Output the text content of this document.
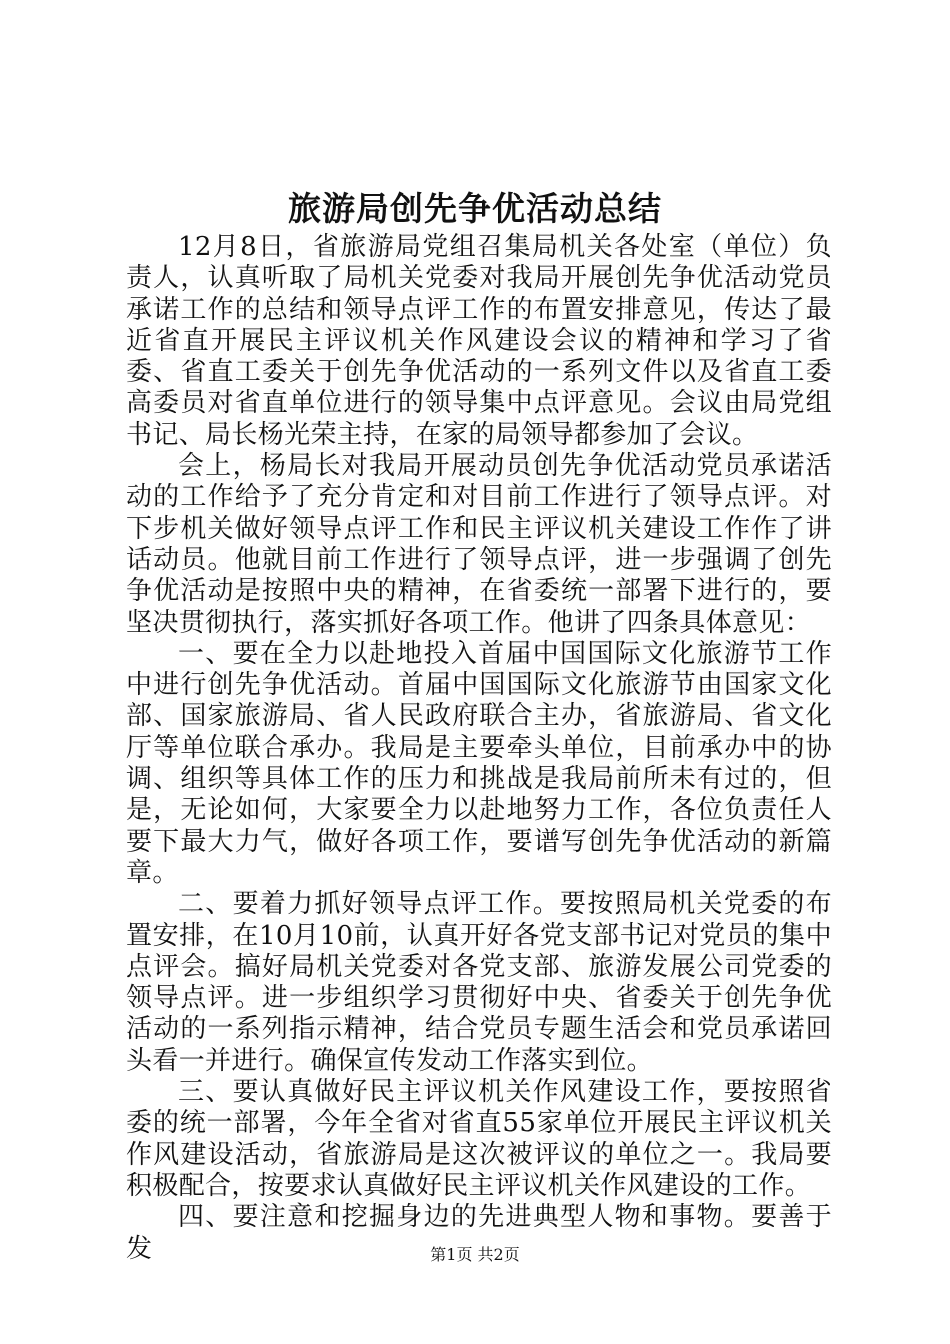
旅游局创先争优活动总结

12月8日，省旅游局党组召集局机关各处室（单位）负责人，认真听取了局机关党委对我局开展创先争优活动党员承诺工作的总结和领导点评工作的布置安排意见，传达了最近省直开展民主评议机关作风建设会议的精神和学习了省委、省直工委关于创先争优活动的一系列文件以及省直工委高委员对省直单位进行的领导集中点评意见。会议由局党组书记、局长杨光荣主持，在家的局领导都参加了会议。

会上，杨局长对我局开展动员创先争优活动党员承诺活动的工作给予了充分肯定和对目前工作进行了领导点评。对下步机关做好领导点评工作和民主评议机关建设工作作了讲话动员。他就目前工作进行了领导点评，进一步强调了创先争优活动是按照中央的精神，在省委统一部署下进行的，要坚决贯彻执行，落实抓好各项工作。他讲了四条具体意见：

一、要在全力以赴地投入首届中国国际文化旅游节工作中进行创先争优活动。首届中国国际文化旅游节由国家文化部、国家旅游局、省人民政府联合主办，省旅游局、省文化厅等单位联合承办。我局是主要牵头单位，目前承办中的协调、组织等具体工作的压力和挑战是我局前所未有过的，但是，无论如何，大家要全力以赴地努力工作，各位负责任人要下最大力气，做好各项工作，要谱写创先争优活动的新篇章。

二、要着力抓好领导点评工作。要按照局机关党委的布置安排，在10月10前，认真开好各党支部书记对党员的集中点评会。搞好局机关党委对各党支部、旅游发展公司党委的领导点评。进一步组织学习贯彻好中央、省委关于创先争优活动的一系列指示精神，结合党员专题生活会和党员承诺回头看一并进行。确保宣传发动工作落实到位。

三、要认真做好民主评议机关作风建设工作，要按照省委的统一部署，今年全省对省直55家单位开展民主评议机关作风建设活动，省旅游局是这次被评议的单位之一。我局要积极配合，按要求认真做好民主评议机关作风建设的工作。

四、要注意和挖掘身边的先进典型人物和事物。要善于发	第1页 共2页
